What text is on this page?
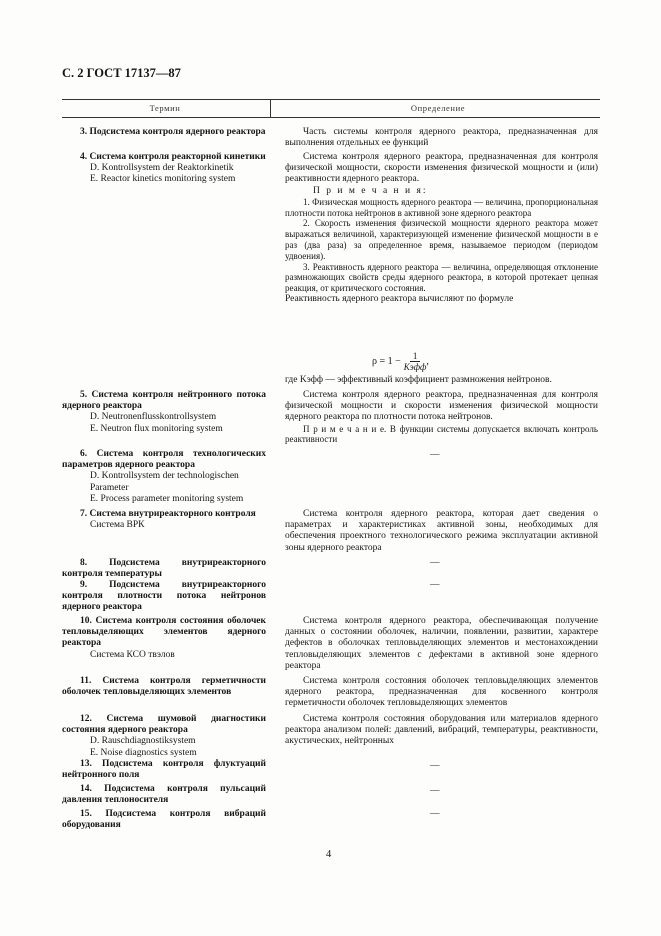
С. 2 ГОСТ 17137—87
Термин	Определение
3. Подсистема контроля ядерного реактора	Часть системы контроля ядерного реактора, предназначенная для выполнения отдельных ее функций
4. Система контроля реакторной кинетики
D. Kontrollsystem der Reaktorkinetik
E. Reactor kinetics monitoring system
Система контроля ядерного реактора, предназначенная для контроля физической мощности, скорости изменения физической мощности и (или) реактивности ядерного реактора.
П р и м е ч а н и я:
1. Физическая мощность ядерного реактора — величина, пропорциональная плотности потока нейтронов в активной зоне ядерного реактора
2. Скорость изменения физической мощности ядерного реактора может выражаться величиной, характеризующей изменение физической мощности в е раз (два раза) за определенное время, называемое периодом (периодом удвоения).
3. Реактивность ядерного реактора — величина, определяющая отклонение размножающих свойств среды ядерного реактора, в которой протекает цепная реакция, от критического состояния.
Реактивность ядерного реактора вычисляют по формуле
$\rho = 1 - \frac{1}{\text{Kэфф}}$ ,
где Kэфф — эффективный коэффициент размножения нейтронов.
5. Система контроля нейтронного потока ядерного реактора
D. Neutronenflusskontrollsystem
E. Neutron flux monitoring system
Система контроля ядерного реактора, предназначенная для контроля физической мощности и скорости изменения физической мощности ядерного реактора по плотности потока нейтронов.
П р и м е ч а н и е. В функции системы допускается включать контроль реактивности
6. Система контроля технологических параметров ядерного реактора
D. Kontrollsystem der technologischen Parameter
E. Process parameter monitoring system
—
7. Система внутриреакторного контроля
Система ВРК
Система контроля ядерного реактора, которая дает сведения о параметрах и характеристиках активной зоны, необходимых для обеспечения проектного технологического режима эксплуатации активной зоны ядерного реактора
8. Подсистема внутриреакторного контроля температуры
—
9. Подсистема внутриреакторного контроля плотности потока нейтронов ядерного реактора
—
10. Система контроля состояния оболочек тепловыделяющих элементов ядерного реактора
Система КСО твэлов
Система контроля ядерного реактора, обеспечивающая получение данных о состоянии оболочек, наличии, появлении, развитии, характере дефектов в оболочках тепловыделяющих элементов и местонахождении тепловыделяющих элементов с дефектами в активной зоне ядерного реактора
11. Система контроля герметичности оболочек тепловыделяющих элементов
Система контроля состояния оболочек тепловыделяющих элементов ядерного реактора, предназначенная для косвенного контроля герметичности оболочек тепловыделяющих элементов
12. Система шумовой диагностики состояния ядерного реактора
D. Rauschdiagnostiksystem
E. Noise diagnostics system
Система контроля состояния оборудования или материалов ядерного реактора анализом полей: давлений, вибраций, температуры, реактивности, акустических, нейтронных
13. Подсистема контроля флуктуаций нейтронного поля
—
14. Подсистема контроля пульсаций давления теплоносителя
—
15. Подсистема контроля вибраций оборудования
—
4
